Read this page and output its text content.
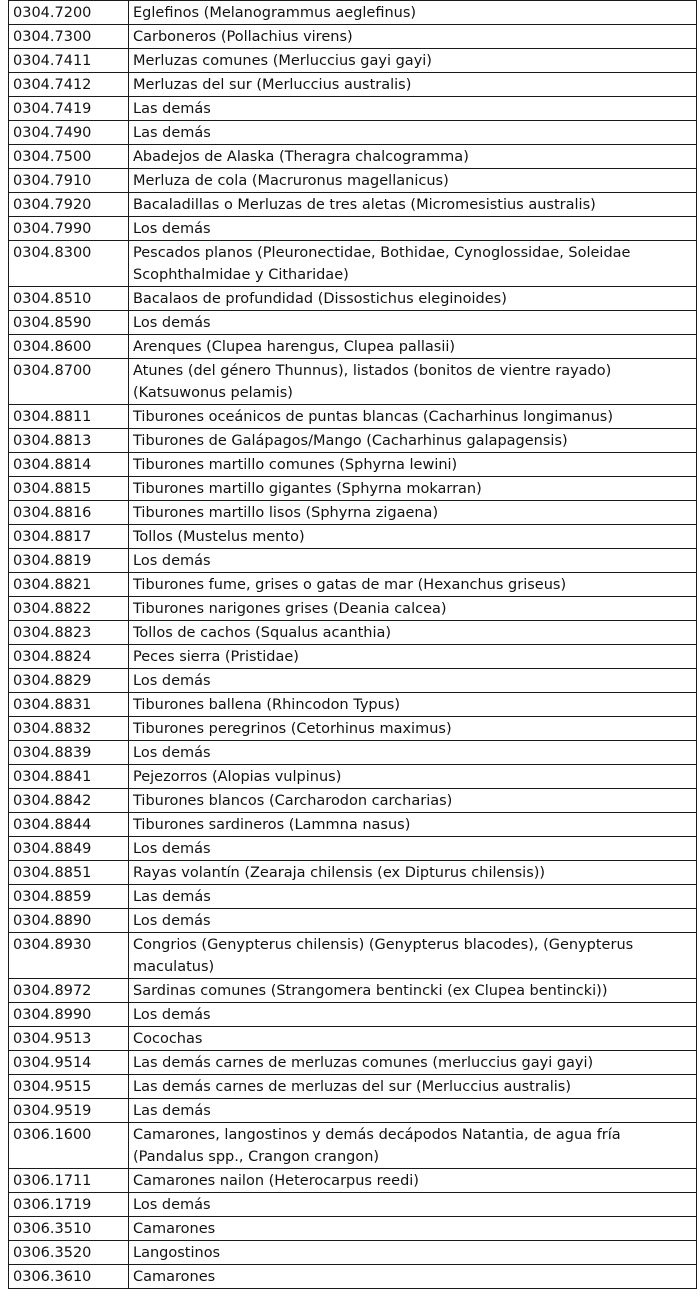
0304.7200	Eglefinos (Melanogrammus aeglefinus)
0304.7300	Carboneros (Pollachius virens)
0304.7411	Merluzas comunes (Merluccius gayi gayi)
0304.7412	Merluzas del sur (Merluccius australis)
0304.7419	Las demás
0304.7490	Las demás
0304.7500	Abadejos de Alaska (Theragra chalcogramma)
0304.7910	Merluza de cola (Macruronus magellanicus)
0304.7920	Bacaladillas o Merluzas de tres aletas (Micromesistius australis)
0304.7990	Los demás
0304.8300	Pescados planos (Pleuronectidae, Bothidae, Cynoglossidae, Soleidae Scophthalmidae y Citharidae)
0304.8510	Bacalaos de profundidad (Dissostichus eleginoides)
0304.8590	Los demás
0304.8600	Arenques (Clupea harengus, Clupea pallasii)
0304.8700	Atunes (del género Thunnus), listados (bonitos de vientre rayado) (Katsuwonus pelamis)
0304.8811	Tiburones oceánicos de puntas blancas (Cacharhinus longimanus)
0304.8813	Tiburones de Galápagos/Mango (Cacharhinus galapagensis)
0304.8814	Tiburones martillo comunes (Sphyrna lewini)
0304.8815	Tiburones martillo gigantes (Sphyrna mokarran)
0304.8816	Tiburones martillo lisos (Sphyrna zigaena)
0304.8817	Tollos (Mustelus mento)
0304.8819	Los demás
0304.8821	Tiburones fume, grises o gatas de mar (Hexanchus griseus)
0304.8822	Tiburones narigones grises (Deania calcea)
0304.8823	Tollos de cachos (Squalus acanthia)
0304.8824	Peces sierra (Pristidae)
0304.8829	Los demás
0304.8831	Tiburones ballena (Rhincodon Typus)
0304.8832	Tiburones peregrinos (Cetorhinus maximus)
0304.8839	Los demás
0304.8841	Pejezorros (Alopias vulpinus)
0304.8842	Tiburones blancos (Carcharodon carcharias)
0304.8844	Tiburones sardineros (Lammna nasus)
0304.8849	Los demás
0304.8851	Rayas volantín (Zearaja chilensis (ex Dipturus chilensis))
0304.8859	Las demás
0304.8890	Los demás
0304.8930	Congrios (Genypterus chilensis) (Genypterus blacodes), (Genypterus maculatus)
0304.8972	Sardinas comunes (Strangomera bentincki (ex Clupea bentincki))
0304.8990	Los demás
0304.9513	Cocochas
0304.9514	Las demás carnes de merluzas comunes (merluccius gayi gayi)
0304.9515	Las demás carnes de merluzas del sur (Merluccius australis)
0304.9519	Las demás
0306.1600	Camarones, langostinos y demás decápodos Natantia, de agua fría (Pandalus spp., Crangon crangon)
0306.1711	Camarones nailon (Heterocarpus reedi)
0306.1719	Los demás
0306.3510	Camarones
0306.3520	Langostinos
0306.3610	Camarones
